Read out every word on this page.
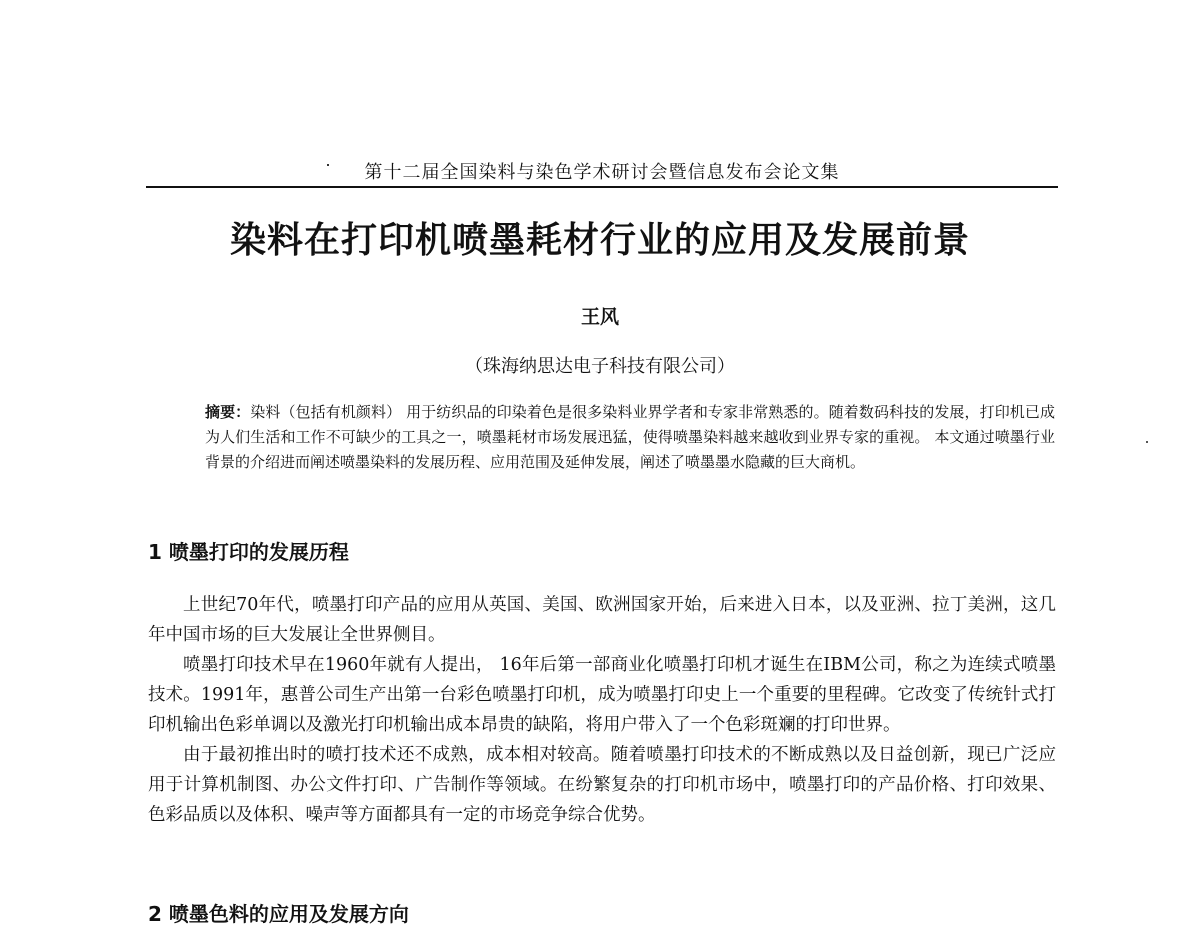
第十二届全国染料与染色学术研讨会暨信息发布会论文集
染料在打印机喷墨耗材行业的应用及发展前景
王风
（珠海纳思达电子科技有限公司）
摘要：染料（包括有机颜料） 用于纺织品的印染着色是很多染料业界学者和专家非常熟悉的。随着数码科技的发展，打印机已成为人们生活和工作不可缺少的工具之一，喷墨耗材市场发展迅猛，使得喷墨染料越来越收到业界专家的重视。 本文通过喷墨行业背景的介绍进而阐述喷墨染料的发展历程、应用范围及延伸发展，阐述了喷墨墨水隐藏的巨大商机。
1 喷墨打印的发展历程

上世纪70年代，喷墨打印产品的应用从英国、美国、欧洲国家开始，后来进入日本，以及亚洲、拉丁美洲，这几年中国市场的巨大发展让全世界侧目。

喷墨打印技术早在1960年就有人提出， 16年后第一部商业化喷墨打印机才诞生在IBM公司，称之为连续式喷墨技术。1991年，惠普公司生产出第一台彩色喷墨打印机，成为喷墨打印史上一个重要的里程碑。它改变了传统针式打印机输出色彩单调以及激光打印机输出成本昂贵的缺陷，将用户带入了一个色彩斑斓的打印世界。

由于最初推出时的喷打技术还不成熟，成本相对较高。随着喷墨打印技术的不断成熟以及日益创新，现已广泛应用于计算机制图、办公文件打印、广告制作等领域。在纷繁复杂的打印机市场中，喷墨打印的产品价格、打印效果、色彩品质以及体积、噪声等方面都具有一定的市场竞争综合优势。

2 喷墨色料的应用及发展方向
